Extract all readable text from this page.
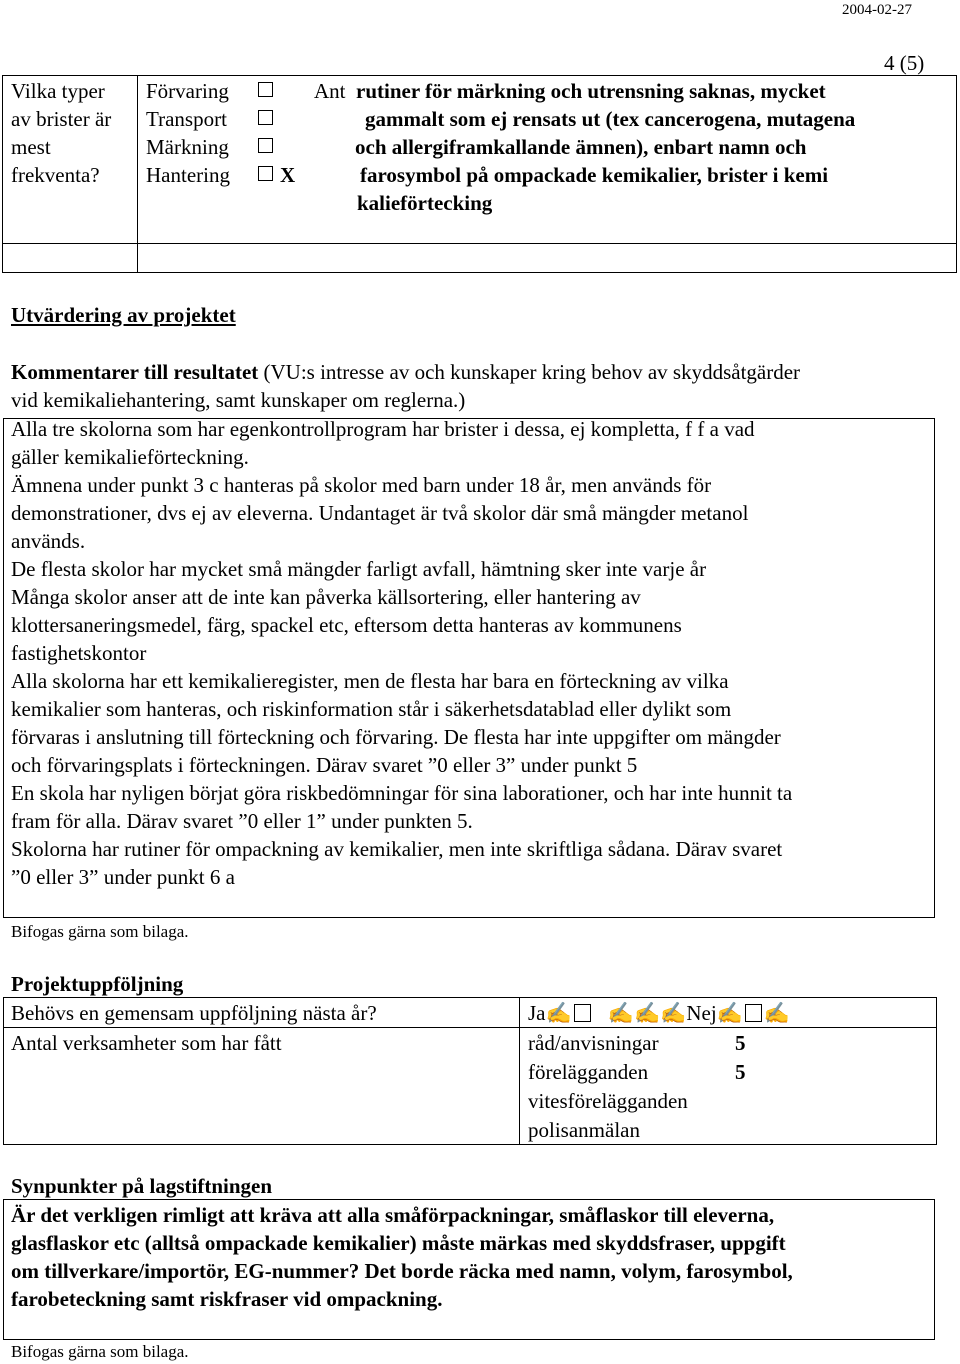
2004-02-27
4 (5)
Vilka typer
av brister är
mest
frekventa?
Förvaring
Transport
Märkning
Hantering X
Ant rutiner för märkning och utrensning saknas, mycket
gammalt som ej rensats ut (tex cancerogena, mutagena
och allergiframkallande ämnen), enbart namn och
farosymbol på ompackade kemikalier, brister i kemi
kalieförtecking
Utvärdering av projektet
Kommentarer till resultatet (VU:s intresse av och kunskaper kring behov av skyddsåtgärder
vid kemikaliehantering, samt kunskaper om reglerna.)
Alla tre skolorna som har egenkontrollprogram har brister i dessa, ej kompletta, f f a vad
gäller kemikalieförteckning.
Ämnena under punkt 3 c hanteras på skolor med barn under 18 år, men används för
demonstrationer, dvs ej av eleverna. Undantaget är två skolor där små mängder metanol
används.
De flesta skolor har mycket små mängder farligt avfall, hämtning sker inte varje år
Många skolor anser att de inte kan påverka källsortering, eller hantering av
klottersaneringsmedel, färg, spackel etc, eftersom detta hanteras av kommunens
fastighetskontor
Alla skolorna har ett kemikalieregister, men de flesta har bara en förteckning av vilka
kemikalier som hanteras, och riskinformation står i säkerhetsdatablad eller dylikt som
förvaras i anslutning till förteckning och förvaring. De flesta har inte uppgifter om mängder
och förvaringsplats i förteckningen. Därav svaret ”0 eller 3” under punkt 5
En skola har nyligen börjat göra riskbedömningar för sina laborationer, och har inte hunnit ta
fram för alla. Därav svaret ”0 eller 1” under punkten 5.
Skolorna har rutiner för ompackning av kemikalier, men inte skriftliga sådana. Därav svaret
”0 eller 3” under punkt 6 a
Bifogas gärna som bilaga.
Projektuppföljning
Behövs en gemensam uppföljning nästa år?	Ja✍ ✍✍✍Nej✍ ✍
Antal verksamheter som har fått	råd/anvisningar
förelägganden
vitesförelägganden
polisanmälan
5
5
Synpunkter på lagstiftningen
Är det verkligen rimligt att kräva att alla småförpackningar, småflaskor till eleverna,
glasflaskor etc (alltså ompackade kemikalier) måste märkas med skyddsfraser, uppgift
om tillverkare/importör, EG-nummer? Det borde räcka med namn, volym, farosymbol,
farobeteckning samt riskfraser vid ompackning.
Bifogas gärna som bilaga.
